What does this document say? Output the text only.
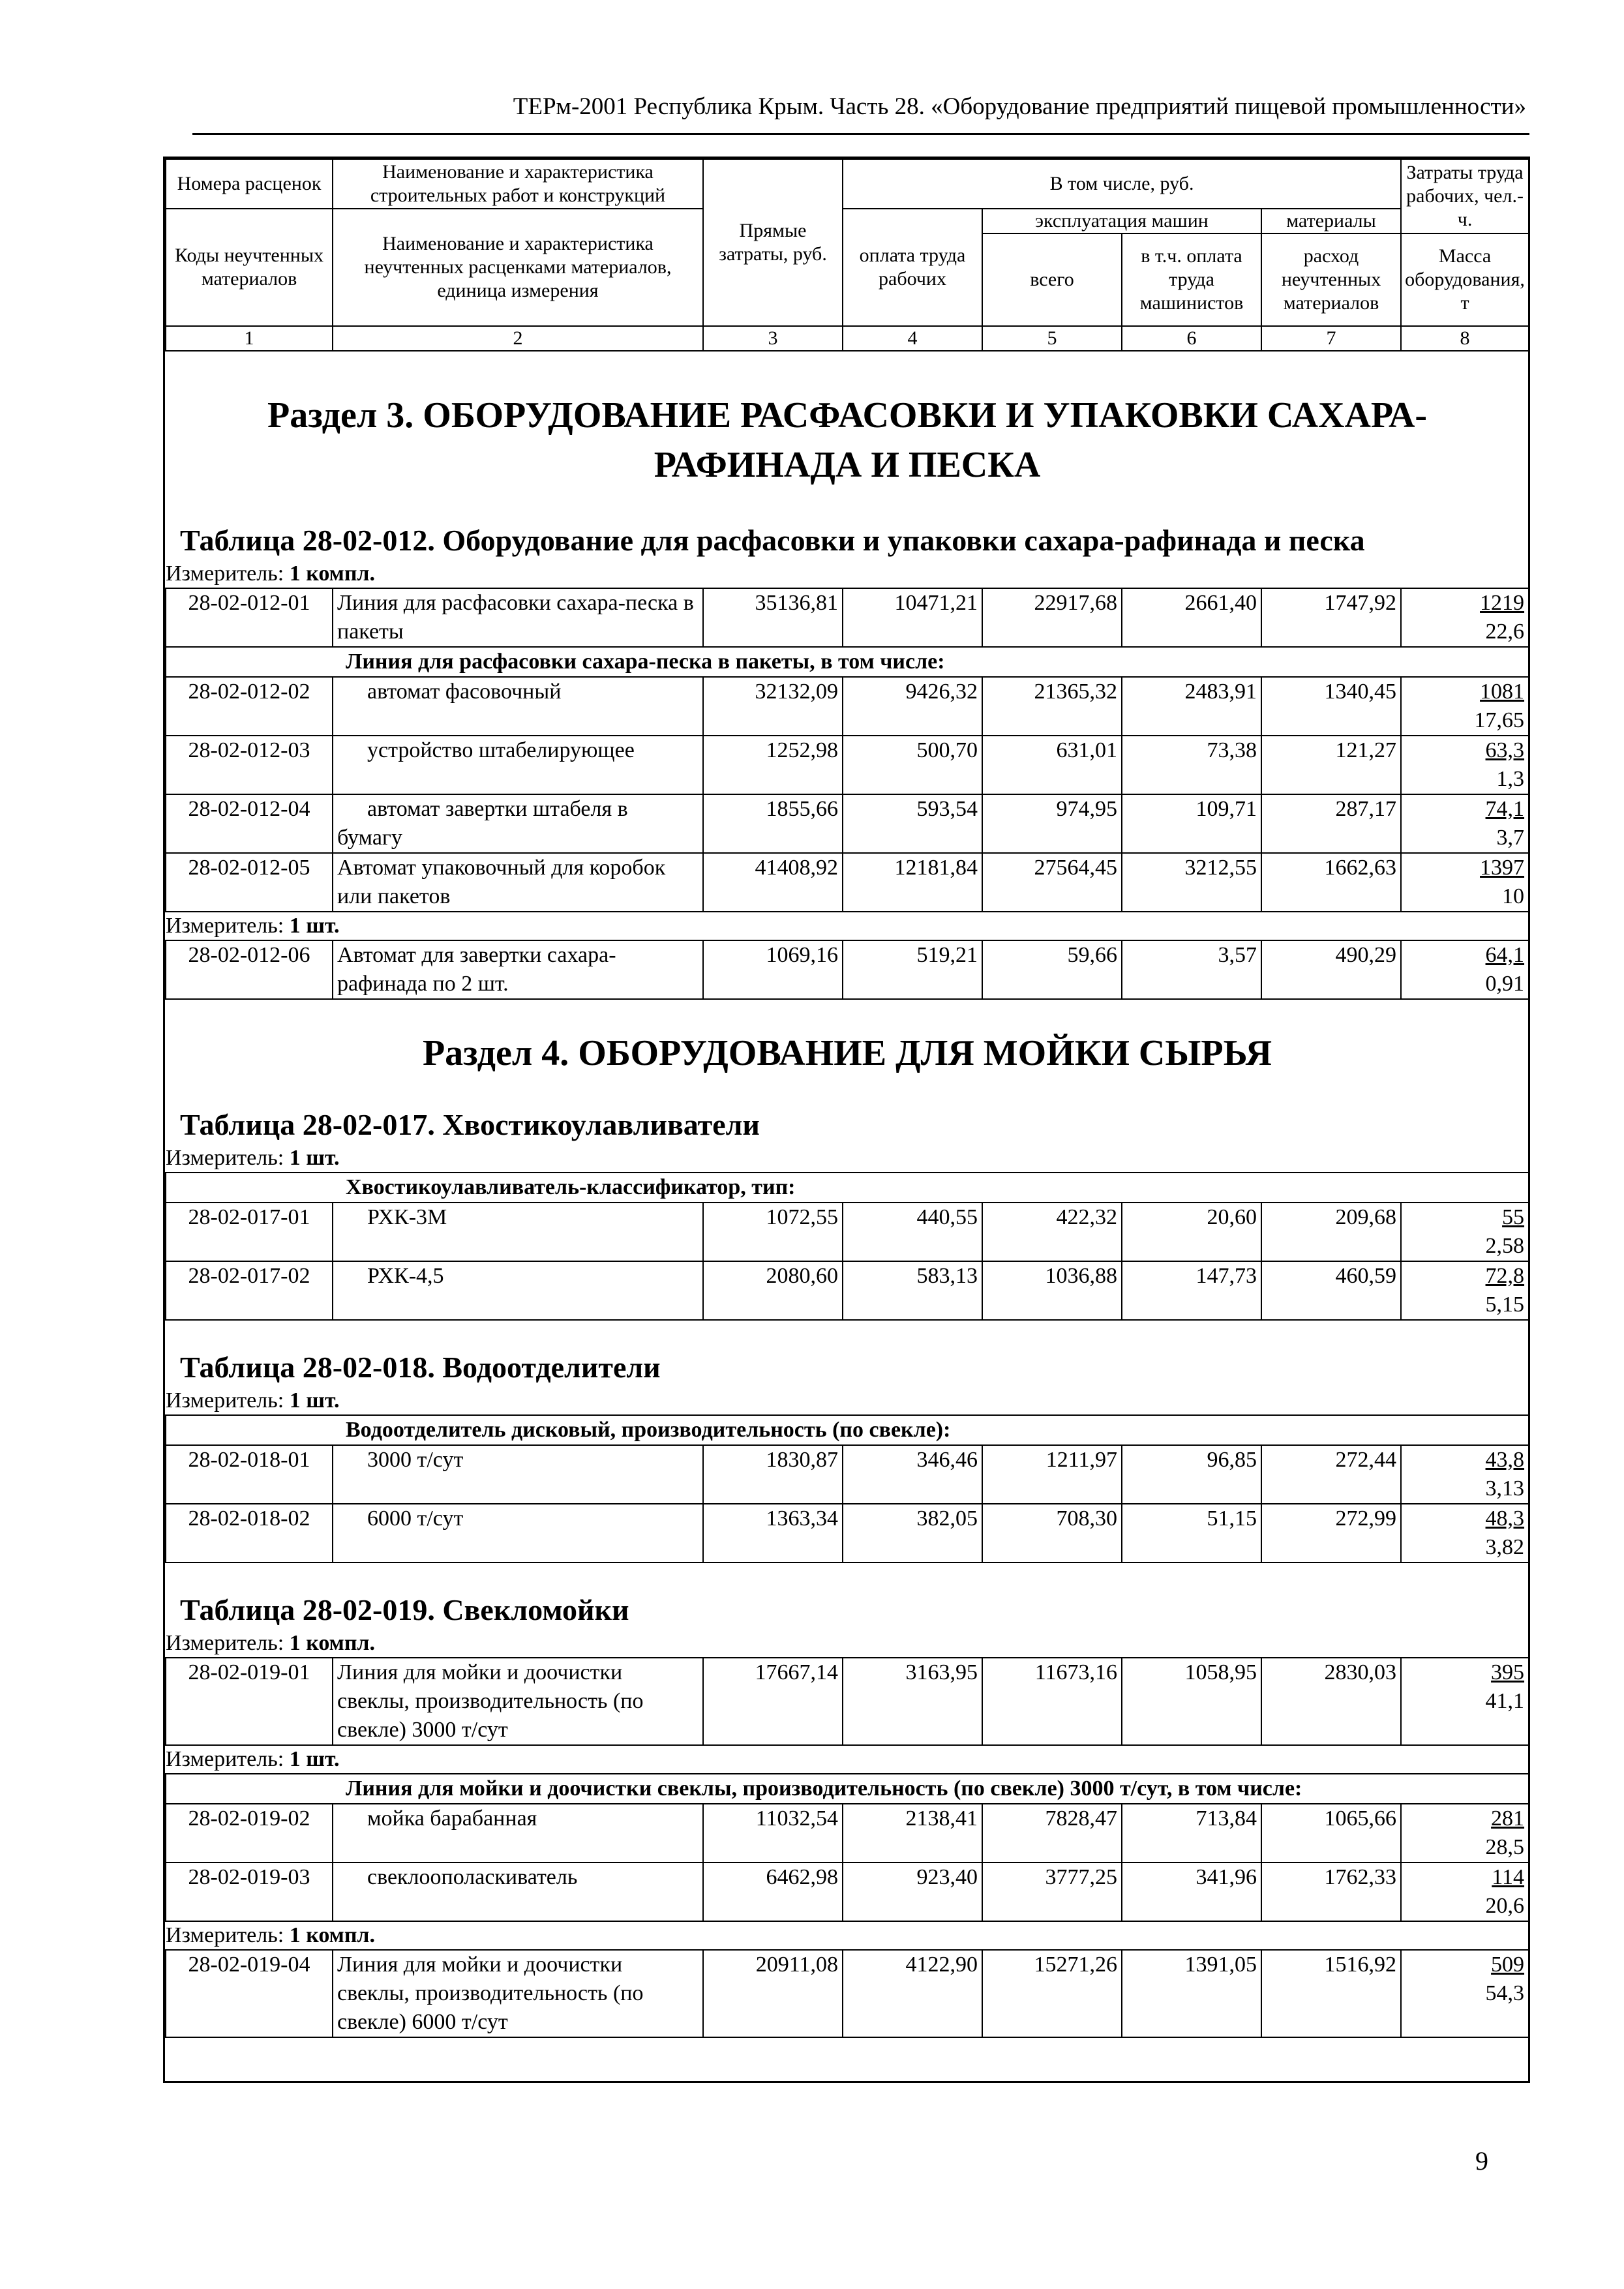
ТЕРм-2001 Республика Крым. Часть 28. «Оборудование предприятий пищевой промышленности»
Номера расценок	Наименование и характеристика строительных работ и конструкций	Прямые затраты, руб.	В том числе, руб.				Затраты труда рабочих, чел.-ч.
Коды неучтенных материалов	Наименование и характеристика неучтенных расценками материалов, единица измерения		оплата труда рабочих	эксплуатация машин		материалы	
				всего	в т.ч. оплата труда машинистов	расход неучтенных материалов	Масса оборудования, т
1	2	3	4	5	6	7	8

Раздел 3. ОБОРУДОВАНИЕ РАСФАСОВКИ И УПАКОВКИ САХАРА-РАФИНАДА И ПЕСКА							

Таблица 28-02-012. Оборудование для расфасовки и упаковки сахара-рафинада и песка							
Измеритель: 1 компл.							
28-02-012-01	Линия для расфасовки сахара-песка в пакеты	35136,81	10471,21	22917,68	2661,40	1747,92	1219
22,6

Линия для расфасовки сахара-песка в пакеты, в том числе:							
28-02-012-02	автомат фасовочный	32132,09	9426,32	21365,32	2483,91	1340,45	1081
17,65

28-02-012-03	устройство штабелирующее	1252,98	500,70	631,01	73,38	121,27	63,3
1,3

28-02-012-04	автомат завертки штабеля в бумагу	1855,66	593,54	974,95	109,71	287,17	74,1
3,7

28-02-012-05	Автомат упаковочный для коробок или пакетов	41408,92	12181,84	27564,45	3212,55	1662,63	1397
10

Измеритель: 1 шт.							
28-02-012-06	Автомат для завертки сахара-рафинада по 2 шт.	1069,16	519,21	59,66	3,57	490,29	64,1
0,91

Раздел 4. ОБОРУДОВАНИЕ ДЛЯ МОЙКИ СЫРЬЯ							

Таблица 28-02-017. Хвостикоулавливатели							
Измеритель: 1 шт.							
Хвостикоулавливатель-классификатор, тип:							
28-02-017-01	РХК-3М	1072,55	440,55	422,32	20,60	209,68	55
2,58

28-02-017-02	РХК-4,5	2080,60	583,13	1036,88	147,73	460,59	72,8
5,15

Таблица 28-02-018. Водоотделители							
Измеритель: 1 шт.							
Водоотделитель дисковый, производительность (по свекле):							
28-02-018-01	3000 т/сут	1830,87	346,46	1211,97	96,85	272,44	43,8
3,13

28-02-018-02	6000 т/сут	1363,34	382,05	708,30	51,15	272,99	48,3
3,82

Таблица 28-02-019. Свекломойки							
Измеритель: 1 компл.							
28-02-019-01	Линия для мойки и доочистки свеклы, производительность (по свекле) 3000 т/сут	17667,14	3163,95	11673,16	1058,95	2830,03	395
41,1

Измеритель: 1 шт.							
Линия для мойки и доочистки свеклы, производительность (по свекле) 3000 т/сут, в том числе:							
28-02-019-02	мойка барабанная	11032,54	2138,41	7828,47	713,84	1065,66	281
28,5

28-02-019-03	свеклоополаскиватель	6462,98	923,40	3777,25	341,96	1762,33	114
20,6

Измеритель: 1 компл.							
28-02-019-04	Линия для мойки и доочистки свеклы, производительность (по свекле) 6000 т/сут	20911,08	4122,90	15271,26	1391,05	1516,92	509
54,3
9
